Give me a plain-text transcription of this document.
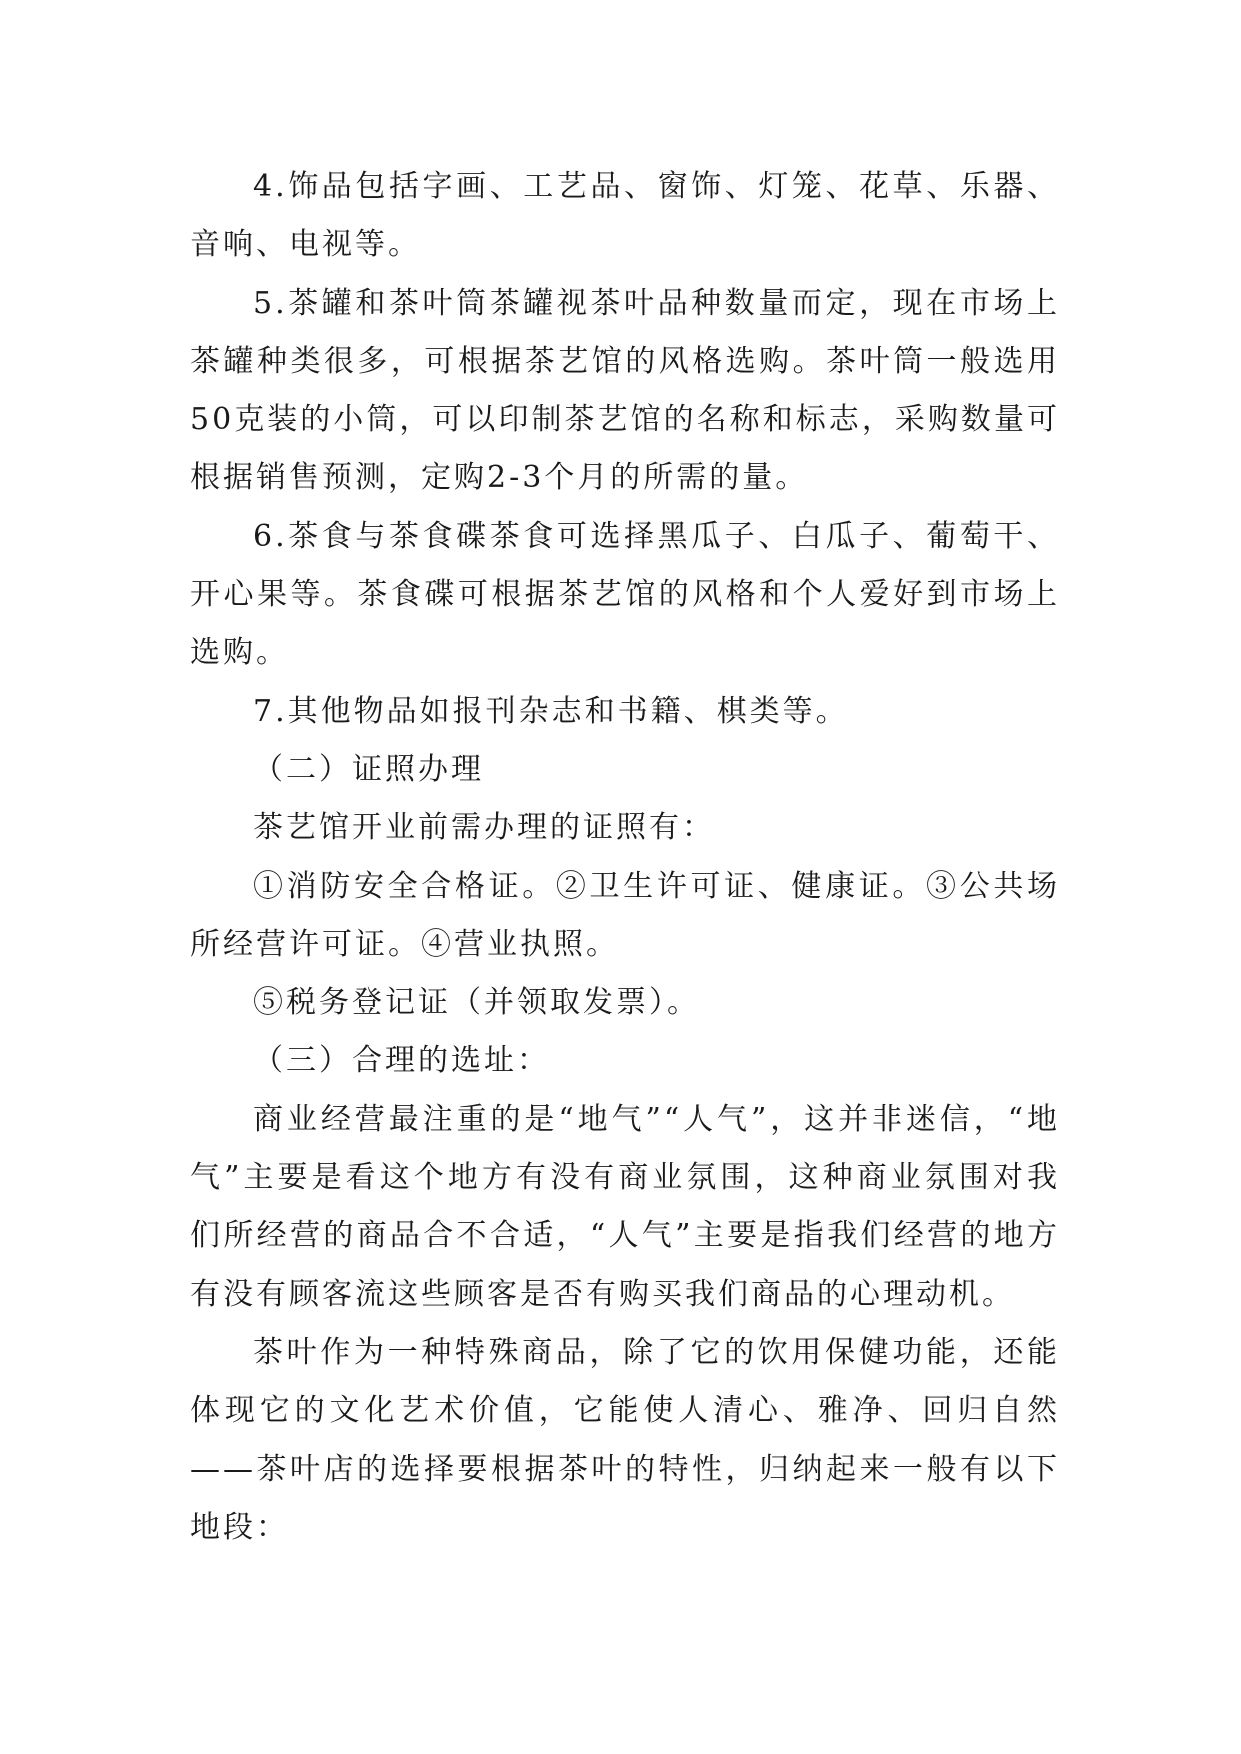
4.饰品包括字画、工艺品、窗饰、灯笼、花草、乐器、音响、电视等。

5.茶罐和茶叶筒茶罐视茶叶品种数量而定，现在市场上茶罐种类很多，可根据茶艺馆的风格选购。茶叶筒一般选用50克装的小筒，可以印制茶艺馆的名称和标志，采购数量可根据销售预测，定购2-3个月的所需的量。

6.茶食与茶食碟茶食可选择黑瓜子、白瓜子、葡萄干、开心果等。茶食碟可根据茶艺馆的风格和个人爱好到市场上选购。

7.其他物品如报刊杂志和书籍、棋类等。

（二）证照办理

茶艺馆开业前需办理的证照有：

①消防安全合格证。②卫生许可证、健康证。③公共场所经营许可证。④营业执照。

⑤税务登记证（并领取发票）。

（三）合理的选址：

商业经营最注重的是“地气”“人气”，这并非迷信，“地气”主要是看这个地方有没有商业氛围，这种商业氛围对我们所经营的商品合不合适，“人气”主要是指我们经营的地方有没有顾客流这些顾客是否有购买我们商品的心理动机。

茶叶作为一种特殊商品，除了它的饮用保健功能，还能体现它的文化艺术价值，它能使人清心、雅净、回归自然——茶叶店的选择要根据茶叶的特性，归纳起来一般有以下地段：
